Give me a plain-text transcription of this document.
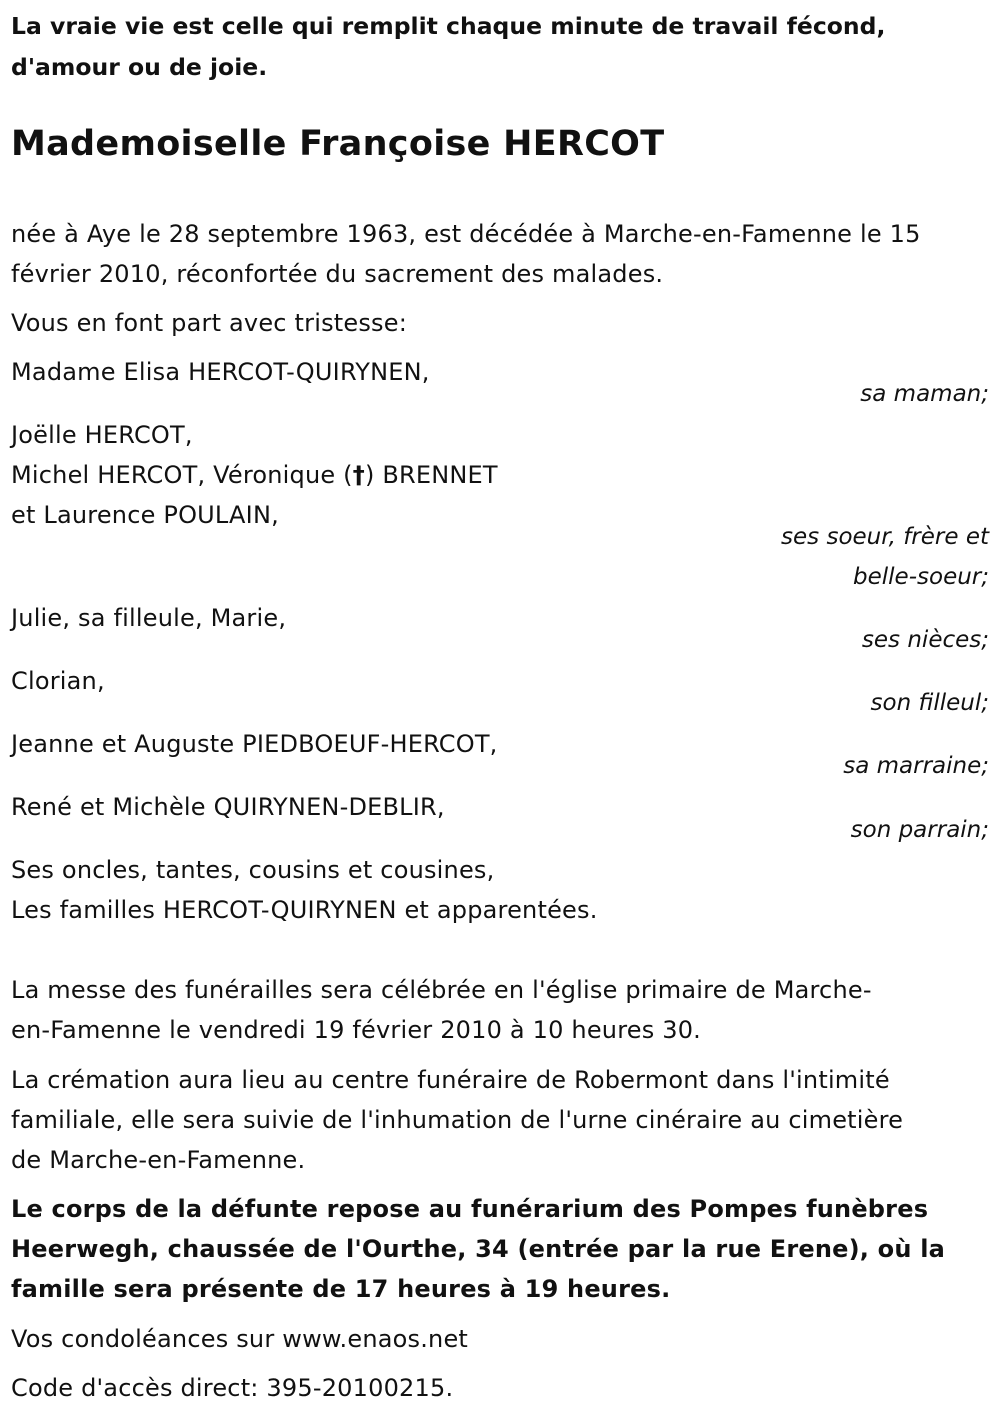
La vraie vie est celle qui remplit chaque minute de travail fécond,
d'amour ou de joie.
Mademoiselle Françoise HERCOT
née à Aye le 28 septembre 1963, est décédée à Marche-en-Famenne le 15
février 2010, réconfortée du sacrement des malades.
Vous en font part avec tristesse:
Madame Elisa HERCOT-QUIRYNEN,
sa maman;
Joëlle HERCOT,
Michel HERCOT, Véronique (†) BRENNET
et Laurence POULAIN,
ses soeur, frère et
belle-soeur;
Julie, sa filleule, Marie,
ses nièces;
Clorian,
son filleul;
Jeanne et Auguste PIEDBOEUF-HERCOT,
sa marraine;
René et Michèle QUIRYNEN-DEBLIR,
son parrain;
Ses oncles, tantes, cousins et cousines,
Les familles HERCOT-QUIRYNEN et apparentées.
La messe des funérailles sera célébrée en l'église primaire de Marche-
en-Famenne le vendredi 19 février 2010 à 10 heures 30.
La crémation aura lieu au centre funéraire de Robermont dans l'intimité
familiale, elle sera suivie de l'inhumation de l'urne cinéraire au cimetière
de Marche-en-Famenne.
Le corps de la défunte repose au funérarium des Pompes funèbres
Heerwegh, chaussée de l'Ourthe, 34 (entrée par la rue Erene), où la
famille sera présente de 17 heures à 19 heures.
Vos condoléances sur www.enaos.net
Code d'accès direct: 395-20100215.
